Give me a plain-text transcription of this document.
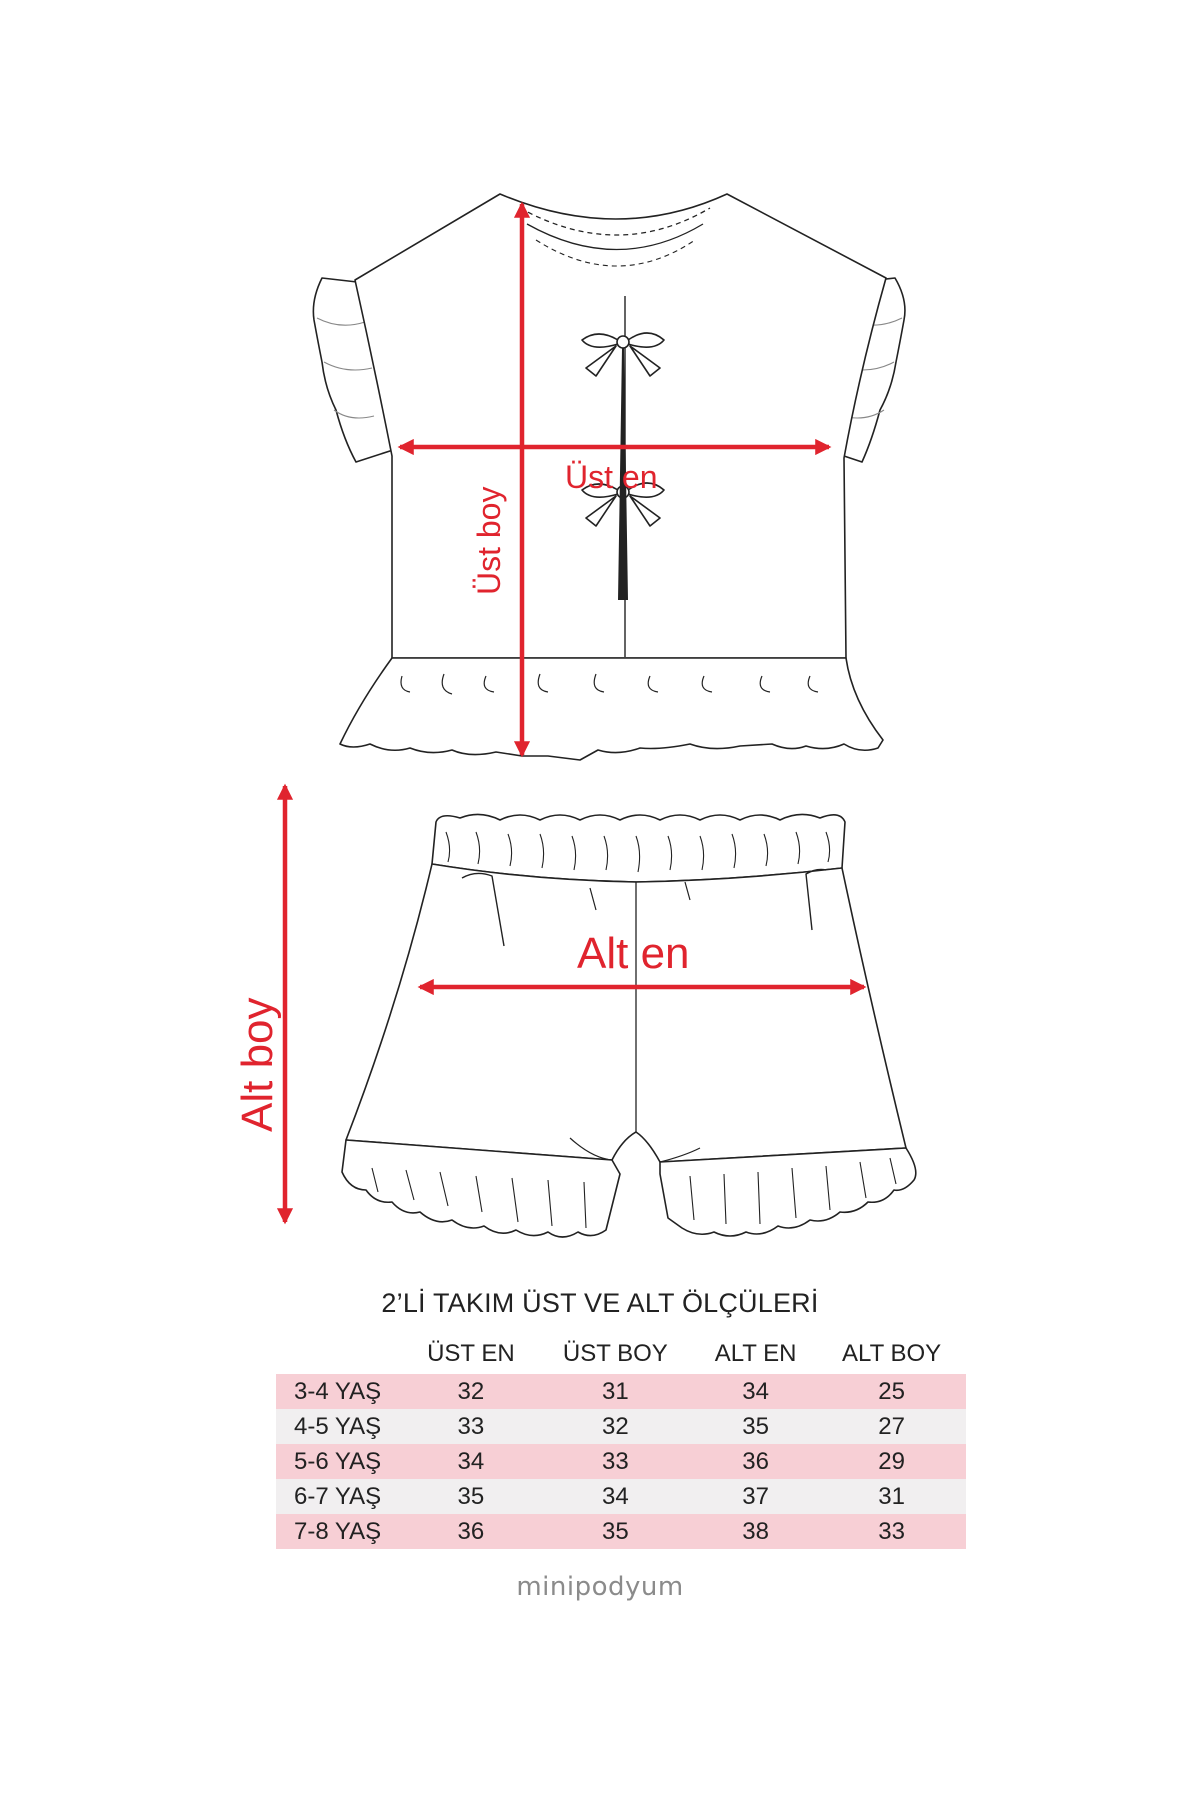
Üst en
Üst boy
Alt en
Alt boy
2’Lİ TAKIM ÜST VE ALT ÖLÇÜLERİ
	ÜST EN	ÜST BOY	ALT EN	ALT BOY
3-4 YAŞ	32	31	34	25
4-5 YAŞ	33	32	35	27
5-6 YAŞ	34	33	36	29
6-7 YAŞ	35	34	37	31
7-8 YAŞ	36	35	38	33
minipodyum
